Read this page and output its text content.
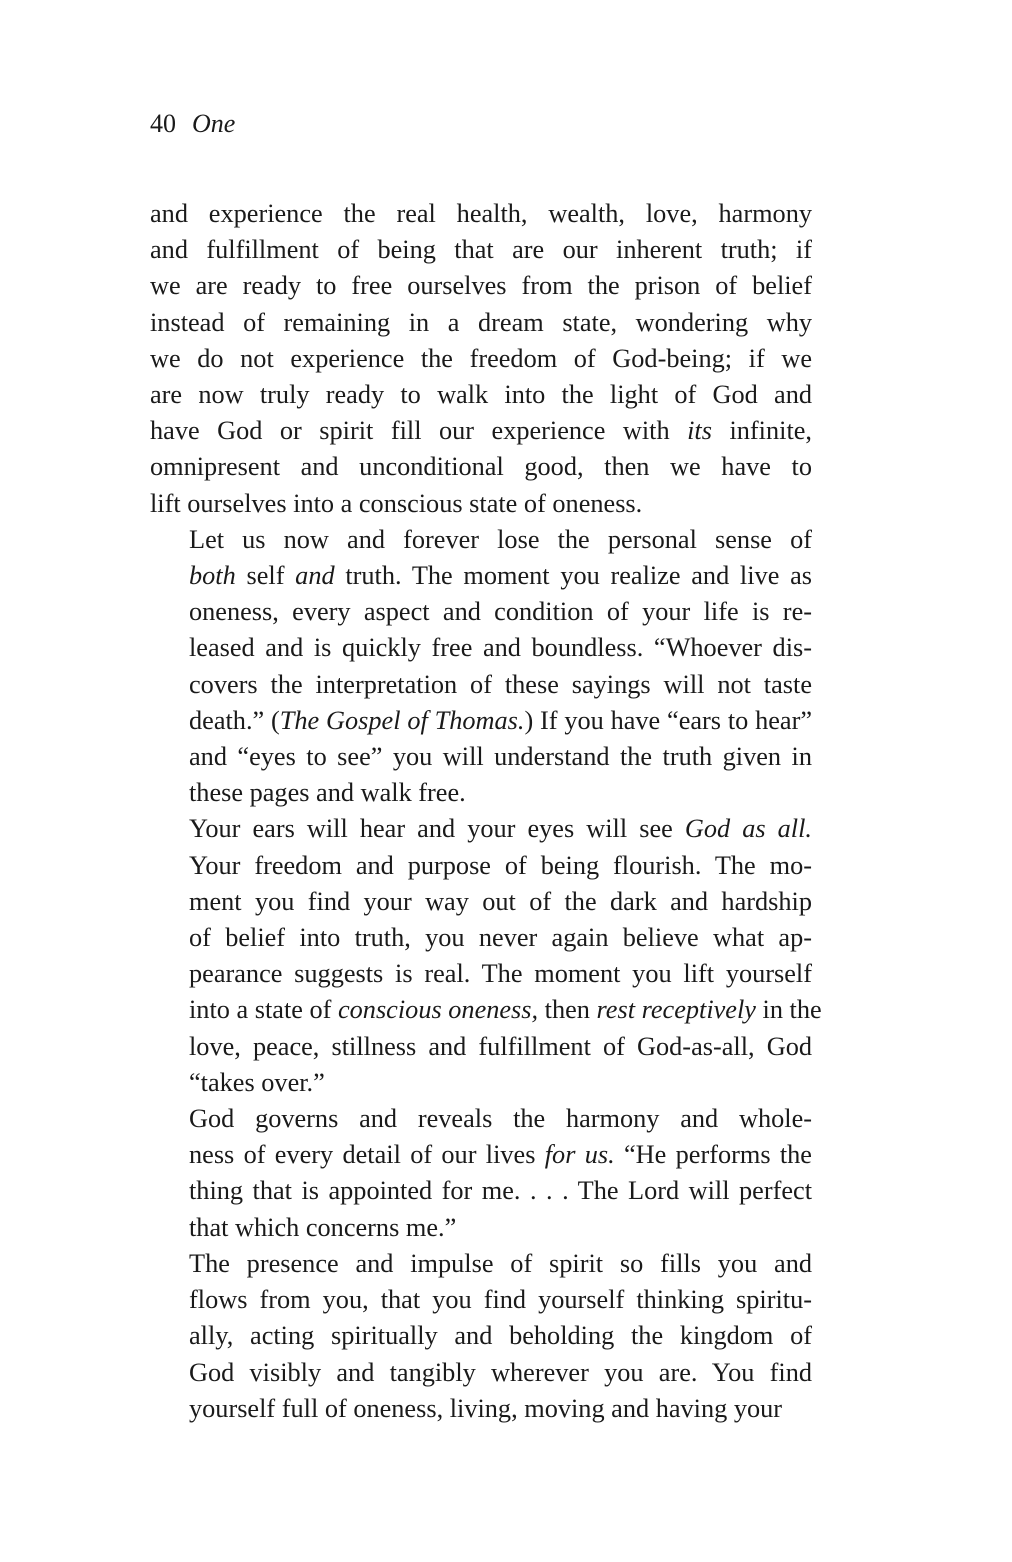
40 One

and experience the real health, wealth, love, harmony
and fulfillment of being that are our inherent truth; if
we are ready to free ourselves from the prison of belief
instead of remaining in a dream state, wondering why
we do not experience the freedom of God-being; if we
are now truly ready to walk into the light of God and
have God or spirit fill our experience with its infinite,
omnipresent and unconditional good, then we have to
lift ourselves into a conscious state of oneness.

Let us now and forever lose the personal sense of
both self and truth. The moment you realize and live as
oneness, every aspect and condition of your life is re-
leased and is quickly free and boundless. “Whoever dis-
covers the interpretation of these sayings will not taste
death.” (The Gospel of Thomas.) If you have “ears to hear”
and “eyes to see” you will understand the truth given in
these pages and walk free.

Your ears will hear and your eyes will see God as all.
Your freedom and purpose of being flourish. The mo-
ment you find your way out of the dark and hardship
of belief into truth, you never again believe what ap-
pearance suggests is real. The moment you lift yourself
into a state of conscious oneness, then rest receptively in the
love, peace, stillness and fulfillment of God-as-all, God
“takes over.”

God governs and reveals the harmony and whole-
ness of every detail of our lives for us. “He performs the
thing that is appointed for me. . . . The Lord will perfect
that which concerns me.”

The presence and impulse of spirit so fills you and
flows from you, that you find yourself thinking spiritu-
ally, acting spiritually and beholding the kingdom of
God visibly and tangibly wherever you are. You find
yourself full of oneness, living, moving and having your
